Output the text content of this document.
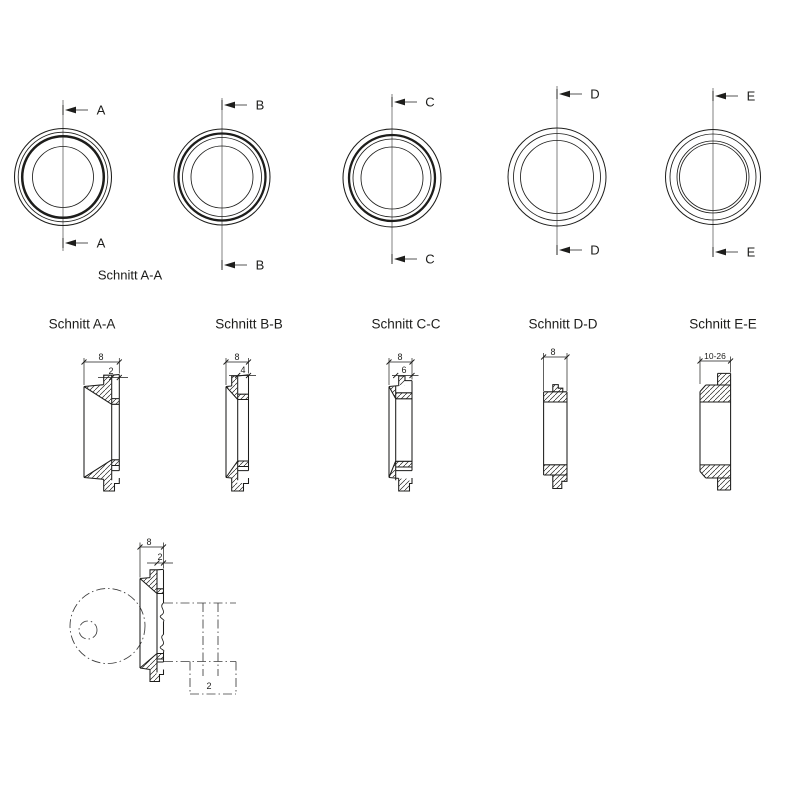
A
A
B
B
C
C
D
D
E
E
Schnitt A-A
Schnitt A-A	Schnitt B-B	Schnitt C-C	Schnitt D-D	Schnitt E-E
8
2
8
4
8
6
8	10-26
8
2
2
